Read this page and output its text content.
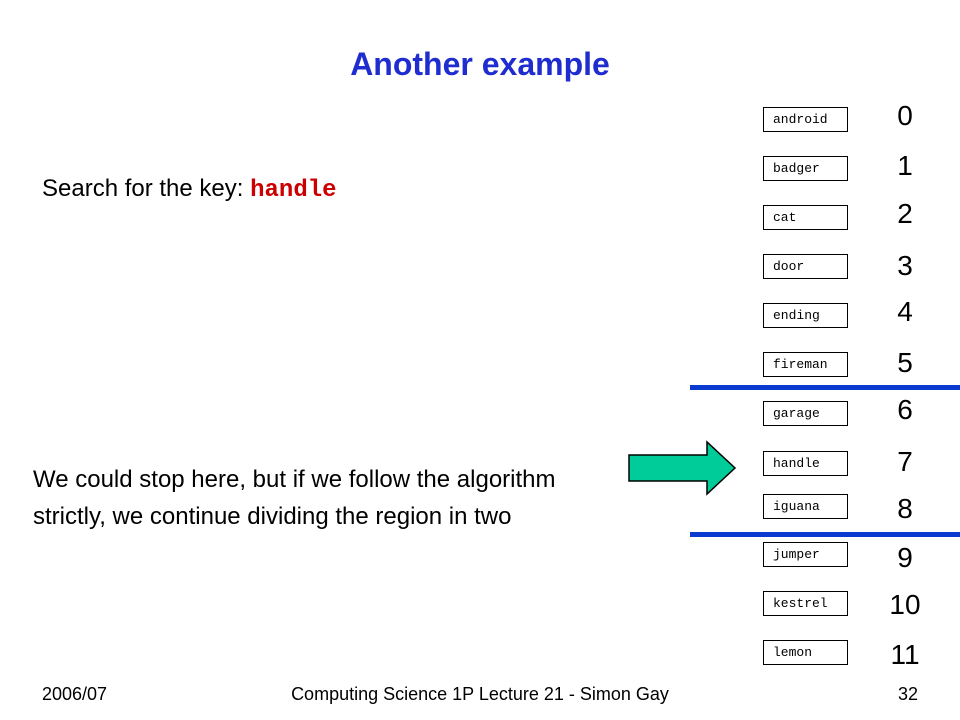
Another example
Search for the key: handle
We could stop here, but if we follow the algorithm strictly, we continue dividing the region in two
android
badger
cat
door
ending
fireman
garage
handle
iguana
jumper
kestrel
lemon
0
1
2
3
4
5
6
7
8
9
10
11
2006/07	Computing Science 1P Lecture 21 - Simon Gay	32
